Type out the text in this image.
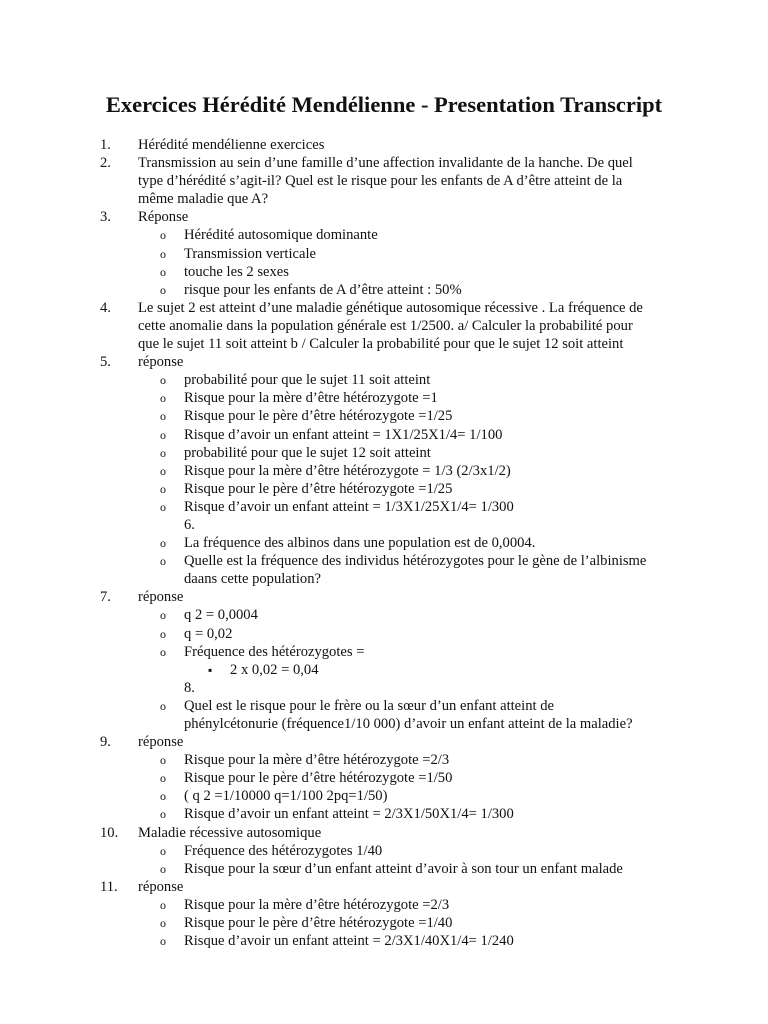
Exercices Hérédité Mendélienne - Presentation Transcript
1.	Hérédité mendélienne exercices
2.	Transmission au sein d’une famille d’une affection invalidante de la hanche. De quel
type d’hérédité s’agit-il? Quel est le risque pour les enfants de A d’être atteint de la
même maladie que A?
3.	Réponse
o Hérédité autosomique dominante
o Transmission verticale
o touche les 2 sexes
o risque pour les enfants de A d’être atteint : 50%
4.	Le sujet 2 est atteint d’une maladie génétique autosomique récessive . La fréquence de
cette anomalie dans la population générale est 1/2500. a/ Calculer la probabilité pour
que le sujet 11 soit atteint b / Calculer la probabilité pour que le sujet 12 soit atteint
5.	réponse
o probabilité pour que le sujet 11 soit atteint
o Risque pour la mère d’être hétérozygote =1
o Risque pour le père d’être hétérozygote =1/25
o Risque d’avoir un enfant atteint = 1X1/25X1/4= 1/100
o probabilité pour que le sujet 12 soit atteint
o Risque pour la mère d’être hétérozygote = 1/3 (2/3x1/2)
o Risque pour le père d’être hétérozygote =1/25
o Risque d’avoir un enfant atteint = 1/3X1/25X1/4= 1/300
6.
o La fréquence des albinos dans une population est de 0,0004.
o Quelle est la fréquence des individus hétérozygotes pour le gène de l’albinisme
daans cette population?
7.	réponse
o q 2 = 0,0004
o q = 0,02
o Fréquence des hétérozygotes =
▪ 2 x 0,02 = 0,04
8.
o Quel est le risque pour le frère ou la sœur d’un enfant atteint de
phénylcétonurie (fréquence1/10 000) d’avoir un enfant atteint de la maladie?
9.	réponse
o Risque pour la mère d’être hétérozygote =2/3
o Risque pour le père d’être hétérozygote =1/50
o ( q 2 =1/10000 q=1/100 2pq=1/50)
o Risque d’avoir un enfant atteint = 2/3X1/50X1/4= 1/300
10.	Maladie récessive autosomique
o Fréquence des hétérozygotes 1/40
o Risque pour la sœur d’un enfant atteint d’avoir à son tour un enfant malade
11.	réponse
o Risque pour la mère d’être hétérozygote =2/3
o Risque pour le père d’être hétérozygote =1/40
o Risque d’avoir un enfant atteint = 2/3X1/40X1/4= 1/240
